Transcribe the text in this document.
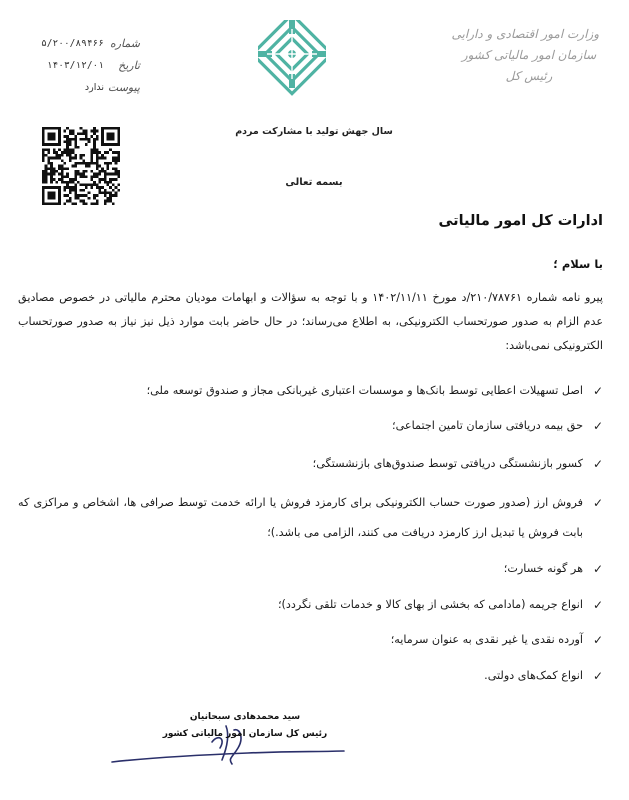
وزارت امور اقتصادی و دارایی
سازمان امور مالیاتی کشور
رئیس کل
شماره
۵/۲۰۰/۸۹۴۶۶
تاریخ
۱۴۰۳/۱۲/۰۱
پیوست
ندارد
سال جهش تولید با مشارکت مردم
بسمه تعالی
ادارات کل امور مالیاتی
با سلام ؛
پیرو نامه شماره ۲۱۰/۷۸۷۶۱/د مورخ ۱۴۰۲/۱۱/۱۱ و با توجه به سؤالات و ابهامات مودیان محترم مالیاتی در خصوص مصادیق عدم الزام به صدور صورتحساب الکترونیکی، به اطلاع می‌رساند؛ در حال حاضر بابت موارد ذیل نیز نیاز به صدور صورتحساب الکترونیکی نمی‌باشد:
✓
اصل تسهیلات اعطایی توسط بانک‌ها و موسسات اعتباری غیربانکی مجاز و صندوق توسعه ملی؛
✓
حق بیمه دریافتی سازمان تامین اجتماعی؛
✓
کسور بازنشستگی دریافتی توسط صندوق‌های بازنشستگی؛
✓
فروش ارز (صدور صورت حساب الکترونیکی برای کارمزد فروش یا ارائه خدمت توسط صرافی ها، اشخاص و مراکزی که بابت فروش یا تبدیل ارز کارمزد دریافت می کنند، الزامی می باشد.)؛
✓
هر گونه خسارت؛
✓
انواع جریمه (مادامی که بخشی از بهای کالا و خدمات تلقی نگردد)؛
✓
آورده نقدی یا غیر نقدی به عنوان سرمایه؛
✓
انواع کمک‌های دولتی.
سید محمدهادی سبحانیان
رئیس کل سازمان امور مالیاتی کشور
